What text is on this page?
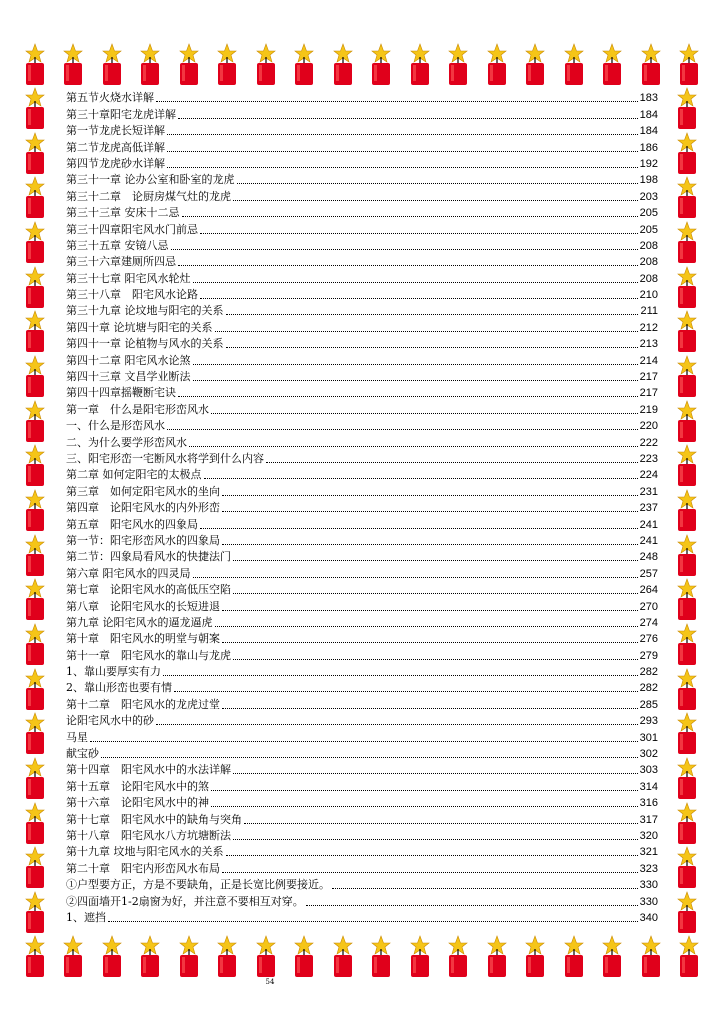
第五节火烧水详解	183
第三十章阳宅龙虎详解	184
第一节龙虎长短详解	184
第二节龙虎高低详解	186
第四节龙虎砂水详解	192
第三十一章 论办公室和卧室的龙虎	198
第三十二章　论厨房煤气灶的龙虎	203
第三十三章 安床十二忌	205
第三十四章阳宅风水门前忌	205
第三十五章 安镜八忌	208
第三十六章建厕所四忌	208
第三十七章 阳宅风水轮灶	208
第三十八章　阳宅风水论路	210
第三十九章 论坟地与阳宅的关系	211
第四十章 论坑塘与阳宅的关系	212
第四十一章 论植物与风水的关系	213
第四十二章 阳宅风水论煞	214
第四十三章 文昌学业断法	217
第四十四章摇鞭断宅诀	217
第一章　什么是阳宅形峦风水	219
一、什么是形峦风水	220
二、为什么要学形峦风水	222
三、阳宅形峦一宅断风水将学到什么内容	223
第二章 如何定阳宅的太极点	224
第三章　如何定阳宅风水的坐向	231
第四章　论阳宅风水的内外形峦	237
第五章　阳宅风水的四象局	241
第一节：阳宅形峦风水的四象局	241
第二节：四象局看风水的快捷法门	248
第六章 阳宅风水的四灵局	257
第七章　论阳宅风水的高低压空陷	264
第八章　论阳宅风水的长短进退	270
第九章 论阳宅风水的逼龙逼虎	274
第十章　阳宅风水的明堂与朝案	276
第十一章　阳宅风水的靠山与龙虎	279
1、靠山要厚实有力	282
2、靠山形峦也要有情	282
第十二章　阳宅风水的龙虎过堂	285
论阳宅风水中的砂	293
马星	301
献宝砂	302
第十四章　阳宅风水中的水法详解	303
第十五章　论阳宅风水中的煞	314
第十六章　论阳宅风水中的神	316
第十七章　阳宅风水中的缺角与突角	317
第十八章　阳宅风水八方坑塘断法	320
第十九章 坟地与阳宅风水的关系	321
第二十章　阳宅内形峦风水布局	323
①户型要方正，方是不要缺角，正是长宽比例要接近。	330
②四面墙开1-2扇窗为好，并注意不要相互对穿。	330
1、遮挡	340
54
